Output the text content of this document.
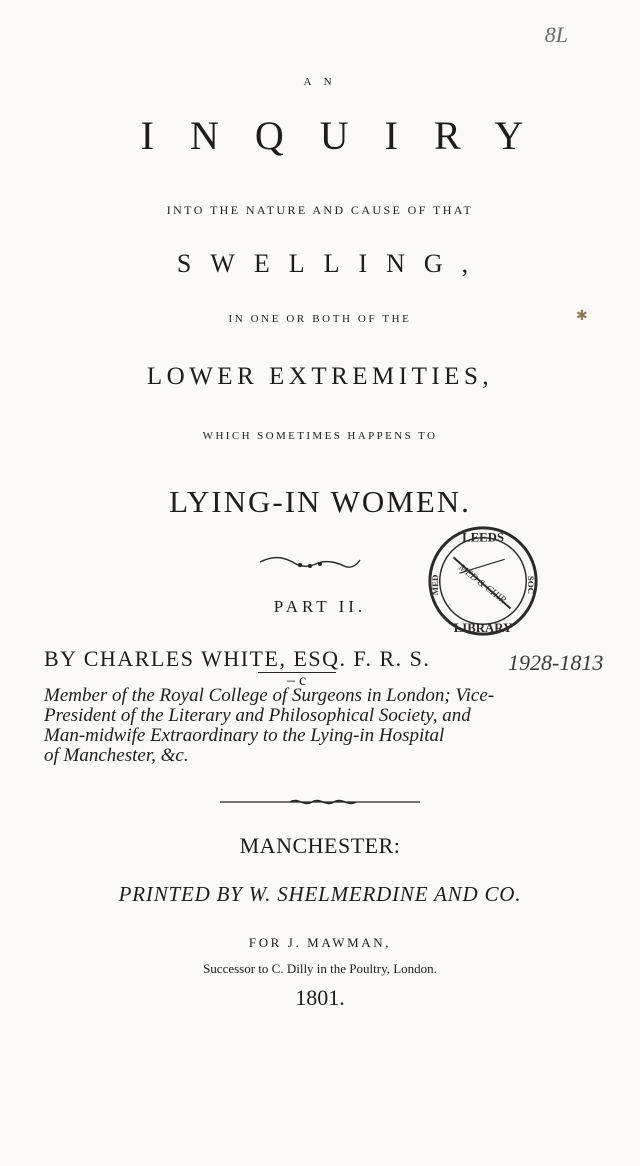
8L
A N
INQUIRY
INTO THE NATURE AND CAUSE OF THAT
SWELLING,
IN ONE OR BOTH OF THE
LOWER EXTREMITIES,
WHICH SOMETIMES HAPPENS TO
LYING-IN WOMEN.
PART II.
LEEDS
LIBRARY
MED	SOC
MED & CHIR
BY CHARLES WHITE, ESQ. F. R. S.
– c
1928-1813
Member of the Royal College of Surgeons in London; Vice-
President of the Literary and Philosophical Society, and
Man-midwife Extraordinary to the Lying-in Hospital
of Manchester, &c.
MANCHESTER:
PRINTED BY W. SHELMERDINE AND CO.
FOR J. MAWMAN,
Successor to C. Dilly in the Poultry, London.
1801.
✱
